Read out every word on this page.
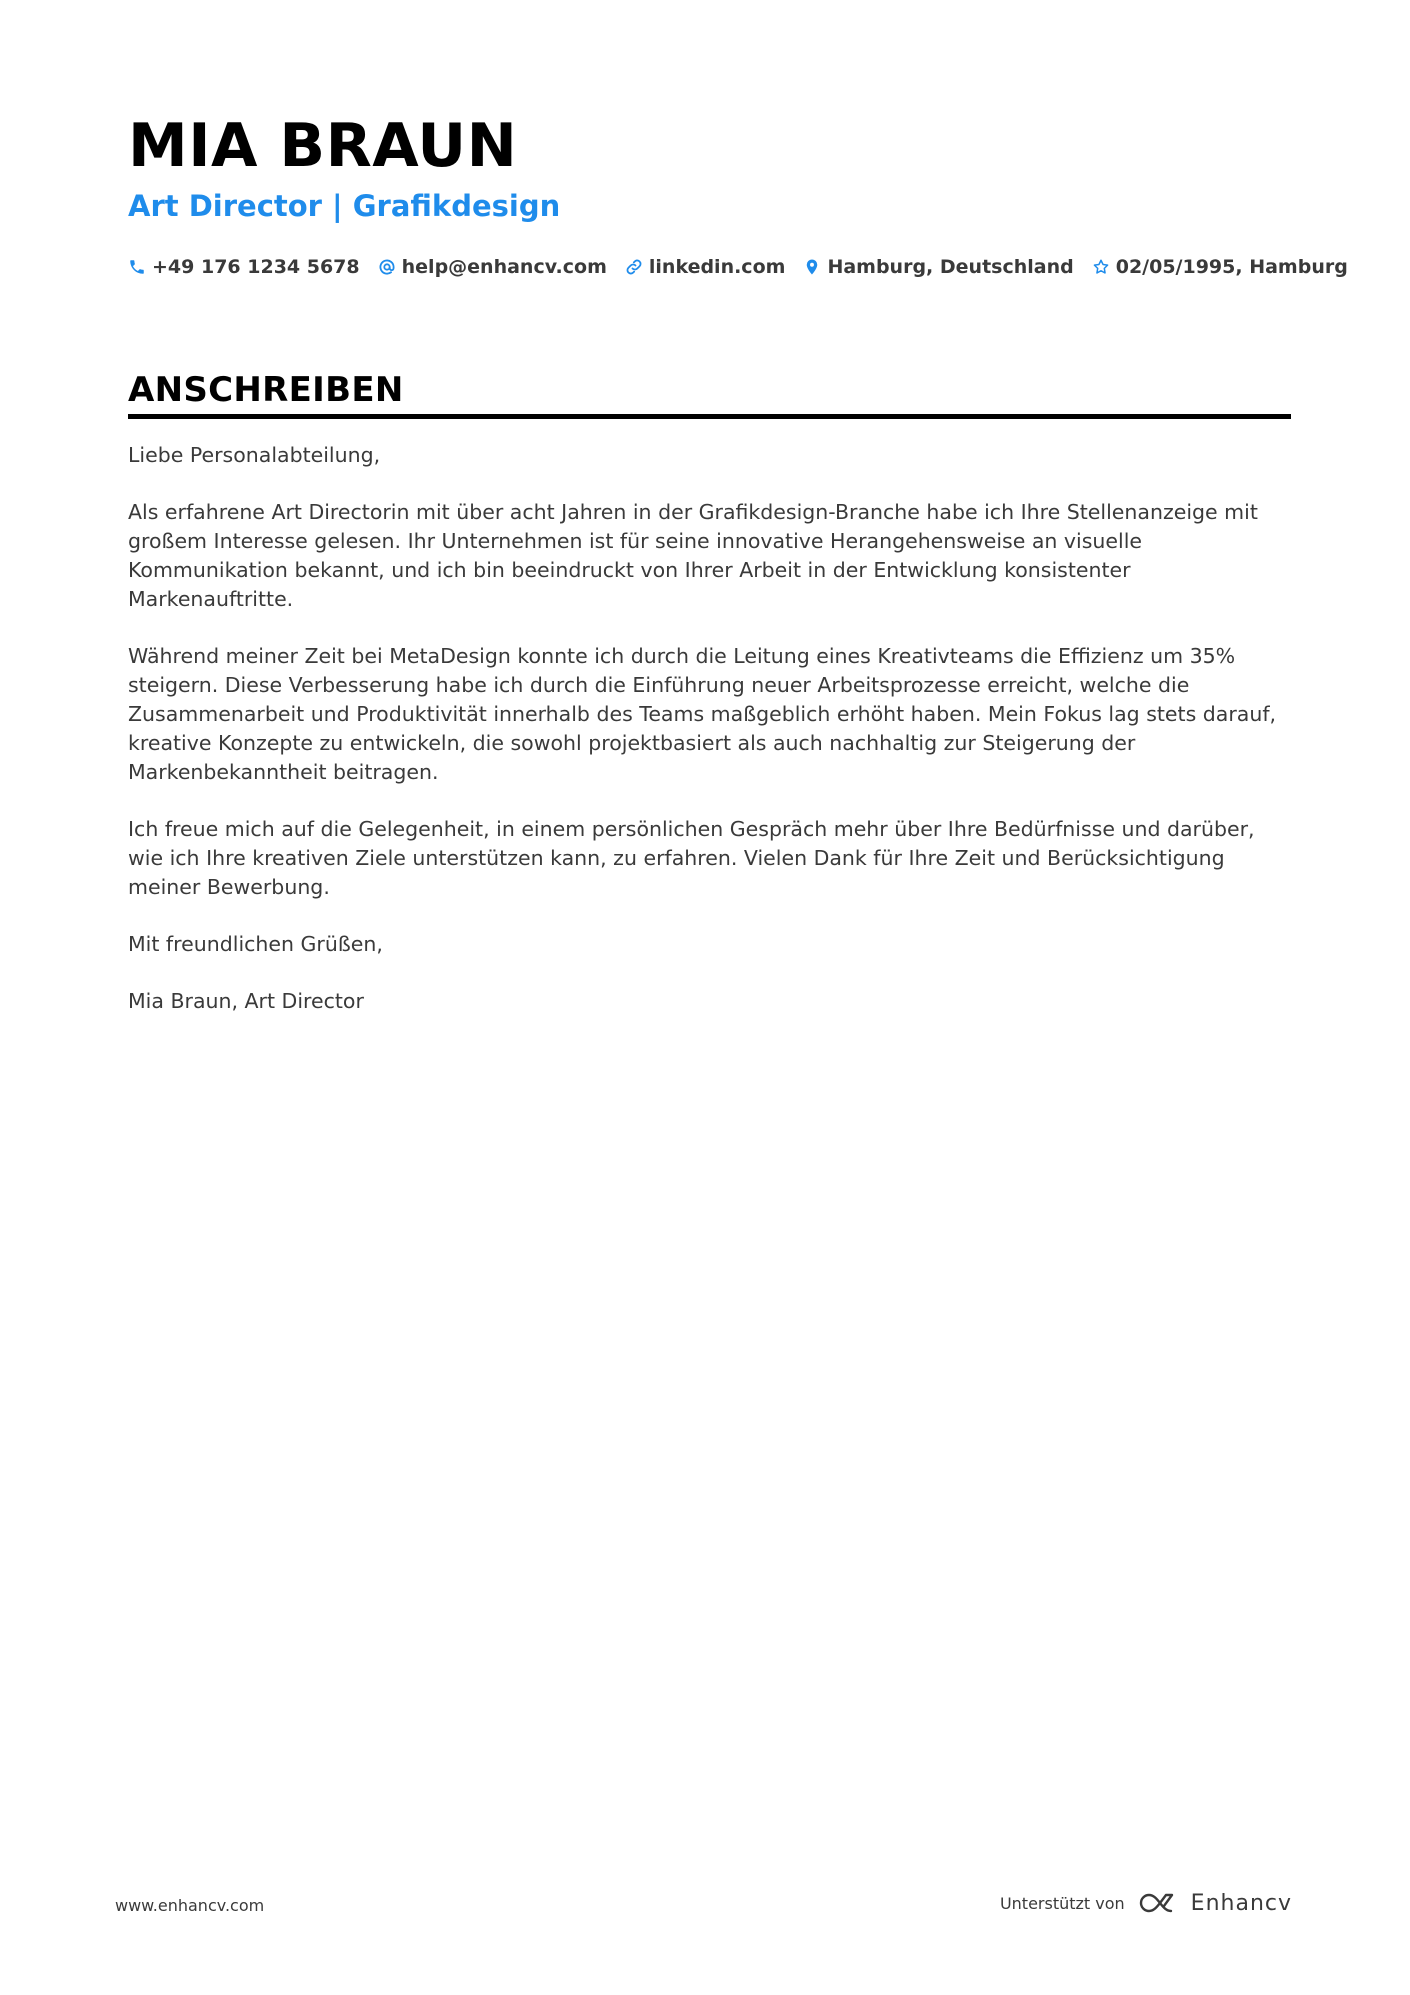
MIA BRAUN
Art Director | Grafikdesign
+49 176 1234 5678 help@enhancv.com linkedin.com Hamburg, Deutschland 02/05/1995, Hamburg
ANSCHREIBEN

Liebe Personalabteilung,

Als erfahrene Art Directorin mit über acht Jahren in der Grafikdesign-Branche habe ich Ihre Stellenanzeige mit großem Interesse gelesen. Ihr Unternehmen ist für seine innovative Herangehensweise an visuelle Kommunikation bekannt, und ich bin beeindruckt von Ihrer Arbeit in der Entwicklung konsistenter Markenauftritte.

Während meiner Zeit bei MetaDesign konnte ich durch die Leitung eines Kreativteams die Effizienz um 35% steigern. Diese Verbesserung habe ich durch die Einführung neuer Arbeitsprozesse erreicht, welche die Zusammenarbeit und Produktivität innerhalb des Teams maßgeblich erhöht haben. Mein Fokus lag stets darauf, kreative Konzepte zu entwickeln, die sowohl projektbasiert als auch nachhaltig zur Steigerung der Markenbekanntheit beitragen.

Ich freue mich auf die Gelegenheit, in einem persönlichen Gespräch mehr über Ihre Bedürfnisse und darüber, wie ich Ihre kreativen Ziele unterstützen kann, zu erfahren. Vielen Dank für Ihre Zeit und Berücksichtigung meiner Bewerbung.

Mit freundlichen Grüßen,

Mia Braun, Art Director

www.enhancv.com	Unterstützt von	Enhancv
